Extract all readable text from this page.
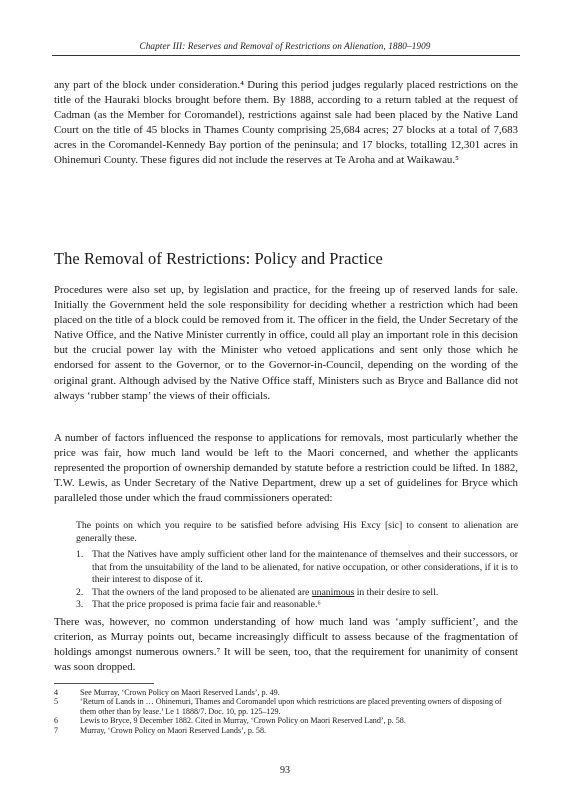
Chapter III: Reserves and Removal of Restrictions on Alienation, 1880–1909

any part of the block under consideration.⁴ During this period judges regularly placed restrictions on the title of the Hauraki blocks brought before them. By 1888, according to a return tabled at the request of Cadman (as the Member for Coromandel), restrictions against sale had been placed by the Native Land Court on the title of 45 blocks in Thames County comprising 25,684 acres; 27 blocks at a total of 7,683 acres in the Coromandel-Kennedy Bay portion of the peninsula; and 17 blocks, totalling 12,301 acres in Ohinemuri County. These figures did not include the reserves at Te Aroha and at Waikawau.⁵

The Removal of Restrictions: Policy and Practice

Procedures were also set up, by legislation and practice, for the freeing up of reserved lands for sale. Initially the Government held the sole responsibility for deciding whether a restriction which had been placed on the title of a block could be removed from it. The officer in the field, the Under Secretary of the Native Office, and the Native Minister currently in office, could all play an important role in this decision but the crucial power lay with the Minister who vetoed applications and sent only those which he endorsed for assent to the Governor, or to the Governor-in-Council, depending on the wording of the original grant. Although advised by the Native Office staff, Ministers such as Bryce and Ballance did not always ‘rubber stamp’ the views of their officials.

A number of factors influenced the response to applications for removals, most particularly whether the price was fair, how much land would be left to the Maori concerned, and whether the applicants represented the proportion of ownership demanded by statute before a restriction could be lifted. In 1882, T.W. Lewis, as Under Secretary of the Native Department, drew up a set of guidelines for Bryce which paralleled those under which the fraud commissioners operated:

The points on which you require to be satisfied before advising His Excy [sic] to consent to alienation are generally these.

1. That the Natives have amply sufficient other land for the maintenance of themselves and their successors, or that from the unsuitability of the land to be alienated, for native occupation, or other considerations, if it is to their interest to dispose of it.
2. That the owners of the land proposed to be alienated are unanimous in their desire to sell.
3. That the price proposed is prima facie fair and reasonable.⁶

There was, however, no common understanding of how much land was ‘amply sufficient’, and the criterion, as Murray points out, became increasingly difficult to assess because of the fragmentation of holdings amongst numerous owners.⁷ It will be seen, too, that the requirement for unanimity of consent was soon dropped.

4	See Murray, ‘Crown Policy on Maori Reserved Lands’, p. 49.
5	‘Return of Lands in … Ohinemuri, Thames and Coromandel upon which restrictions are placed preventing owners of disposing of them other than by lease.’ Le 1 1888/7. Doc. 10, pp. 125–129.
6	Lewis to Bryce, 9 December 1882. Cited in Murray, ‘Crown Policy on Maori Reserved Land’, p. 58.
7	Murray, ‘Crown Policy on Maori Reserved Lands’, p. 58.
93
